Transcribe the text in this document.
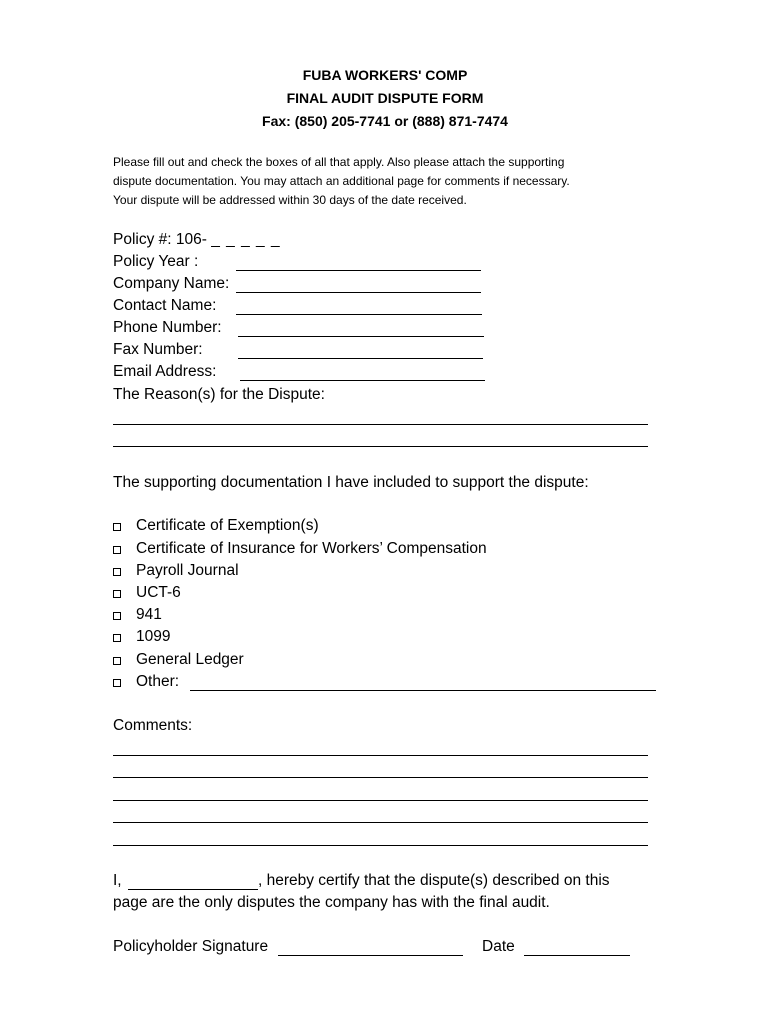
FUBA WORKERS' COMP
FINAL AUDIT DISPUTE FORM
Fax: (850) 205-7741 or (888) 871-7474
Please fill out and check the boxes of all that apply. Also please attach the supporting
dispute documentation. You may attach an additional page for comments if necessary.
Your dispute will be addressed within 30 days of the date received.
Policy #: 106- _ _ _ _ _
Policy Year :
Company Name:
Contact Name:
Phone Number:
Fax Number:
Email Address:
The Reason(s) for the Dispute:
The supporting documentation I have included to support the dispute:
Certificate of Exemption(s)
Certificate of Insurance for Workers’ Compensation
Payroll Journal
UCT-6
941
1099
General Ledger
Other:
Comments:
I,	, hereby certify that the dispute(s) described on this
page are the only disputes the company has with the final audit.
Policyholder Signature	Date
